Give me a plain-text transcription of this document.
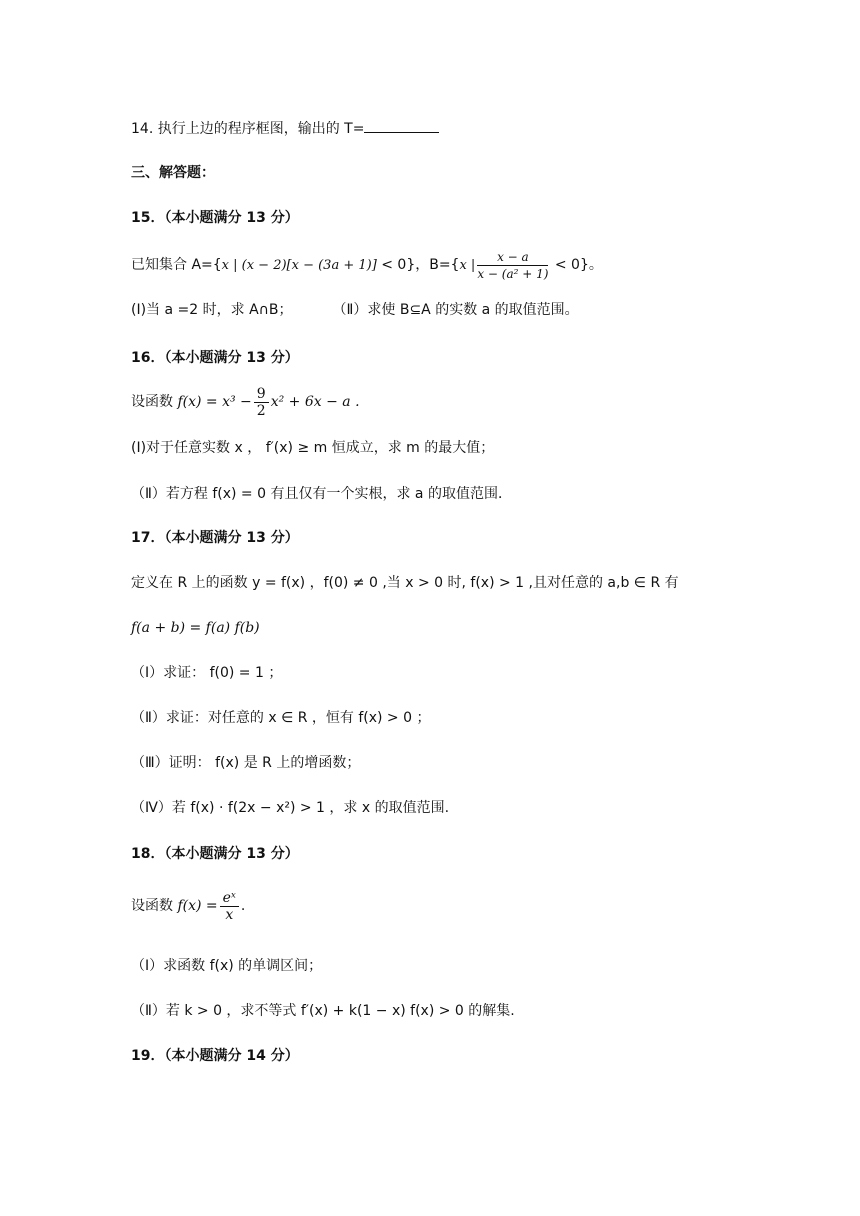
14. 执行上边的程序框图，输出的 T=
三、解答题：
15．（本小题满分 13 分）
已知集合 A={x | (x − 2)[x − (3a + 1)] < 0}，B={x | $\frac{x - a}{\text{x − (a² + 1)}} < 0$}。
(Ⅰ)当 a =2 时，求 A∩B；	（Ⅱ）求使 B⊆A 的实数 a 的取值范围。
16．（本小题满分 13 分）
设函数 $f(x) = x^3 - \frac{9}{2} x^2 + 6x - a$ .
(Ⅰ)对于任意实数 x ， f′(x) ≥ m 恒成立，求 m 的最大值；
（Ⅱ）若方程 f(x) = 0 有且仅有一个实根，求 a 的取值范围．
17．（本小题满分 13 分）
定义在 R 上的函数 y = f(x) ，f(0) ≠ 0 ,当 x > 0 时, f(x) > 1 ,且对任意的 a,b ∈ R 有
f(a + b) = f(a) f(b)
（Ⅰ）求证： f(0) = 1 ；
（Ⅱ）求证：对任意的 x ∈ R ，恒有 f(x) > 0 ；
（Ⅲ）证明： f(x) 是 R 上的增函数；
（Ⅳ）若 f(x) · f(2x − x²) > 1 ，求 x 的取值范围.
18．（本小题满分 13 分）
设函数 $f(x) = \frac{\text{eˣ}}{x}$ .
（Ⅰ）求函数 f(x) 的单调区间；
（Ⅱ）若 k > 0 ，求不等式 f′(x) + k(1 − x) f(x) > 0 的解集.
19．（本小题满分 14 分）
